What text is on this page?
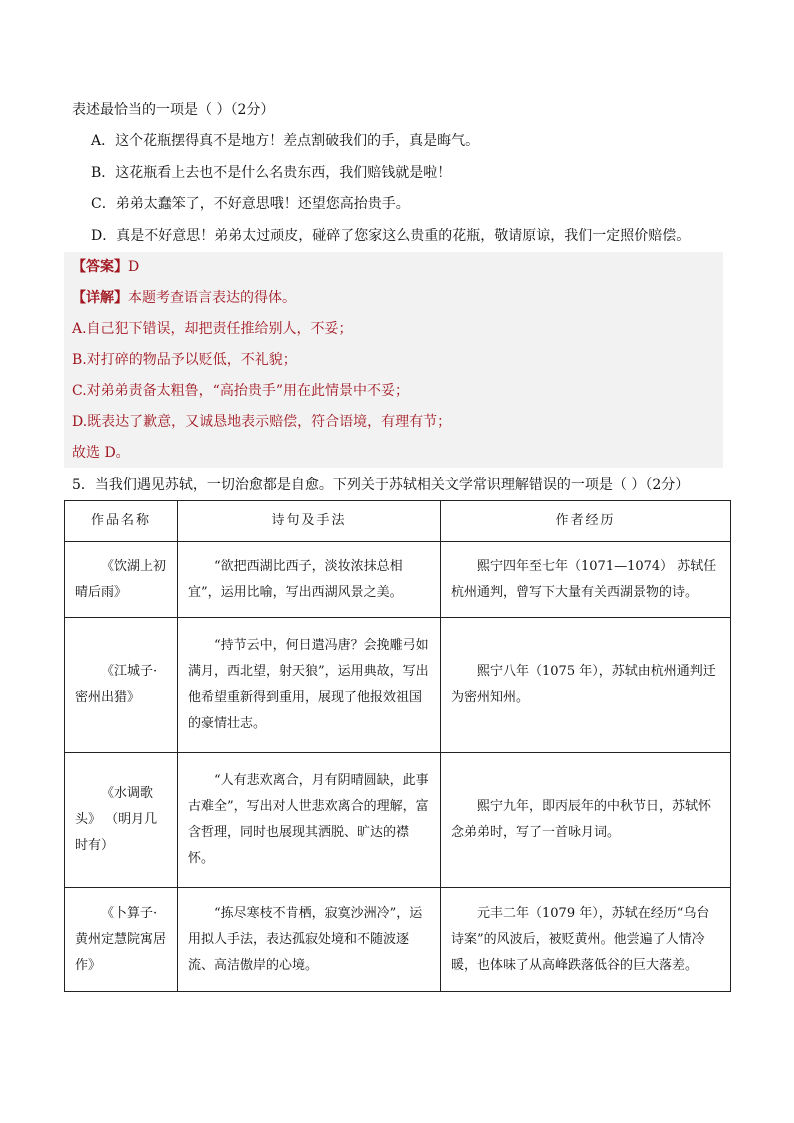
表述最恰当的一项是（ ）（2分）
A．这个花瓶摆得真不是地方！差点割破我们的手，真是晦气。
B．这花瓶看上去也不是什么名贵东西，我们赔钱就是啦！
C．弟弟太蠢笨了，不好意思哦！还望您高抬贵手。
D．真是不好意思！弟弟太过顽皮，碰碎了您家这么贵重的花瓶，敬请原谅，我们一定照价赔偿。
【答案】D
【详解】本题考查语言表达的得体。
A.自己犯下错误，却把责任推给别人，不妥；
B.对打碎的物品予以贬低，不礼貌；
C.对弟弟责备太粗鲁，“高抬贵手”用在此情景中不妥；
D.既表达了歉意，又诚恳地表示赔偿，符合语境，有理有节；
故选 D。
5．当我们遇见苏轼，一切治愈都是自愈。下列关于苏轼相关文学常识理解错误的一项是（ ）（2分）
作品名称	诗句及手法	作者经历
《饮湖上初晴后雨》	“欲把西湖比西子，淡妆浓抹总相宜”，运用比喻，写出西湖风景之美。	熙宁四年至七年（1071—1074） 苏轼任杭州通判，曾写下大量有关西湖景物的诗。
《江城子·密州出猎》	“持节云中，何日遣冯唐？会挽雕弓如满月，西北望，射天狼”，运用典故，写出他希望重新得到重用，展现了他报效祖国的豪情壮志。	熙宁八年（1075 年），苏轼由杭州通判迁为密州知州。
《水调歌头》 （明月几时有）	“人有悲欢离合，月有阴晴圆缺，此事古难全”，写出对人世悲欢离合的理解，富含哲理，同时也展现其洒脱、旷达的襟怀。	熙宁九年，即丙辰年的中秋节日，苏轼怀念弟弟时，写了一首咏月词。
《卜算子·黄州定慧院寓居作》	“拣尽寒枝不肯栖，寂寞沙洲冷”，运用拟人手法，表达孤寂处境和不随波逐流、高洁傲岸的心境。	元丰二年（1079 年），苏轼在经历“乌台诗案”的风波后，被贬黄州。他尝遍了人情冷暖，也体味了从高峰跌落低谷的巨大落差。
